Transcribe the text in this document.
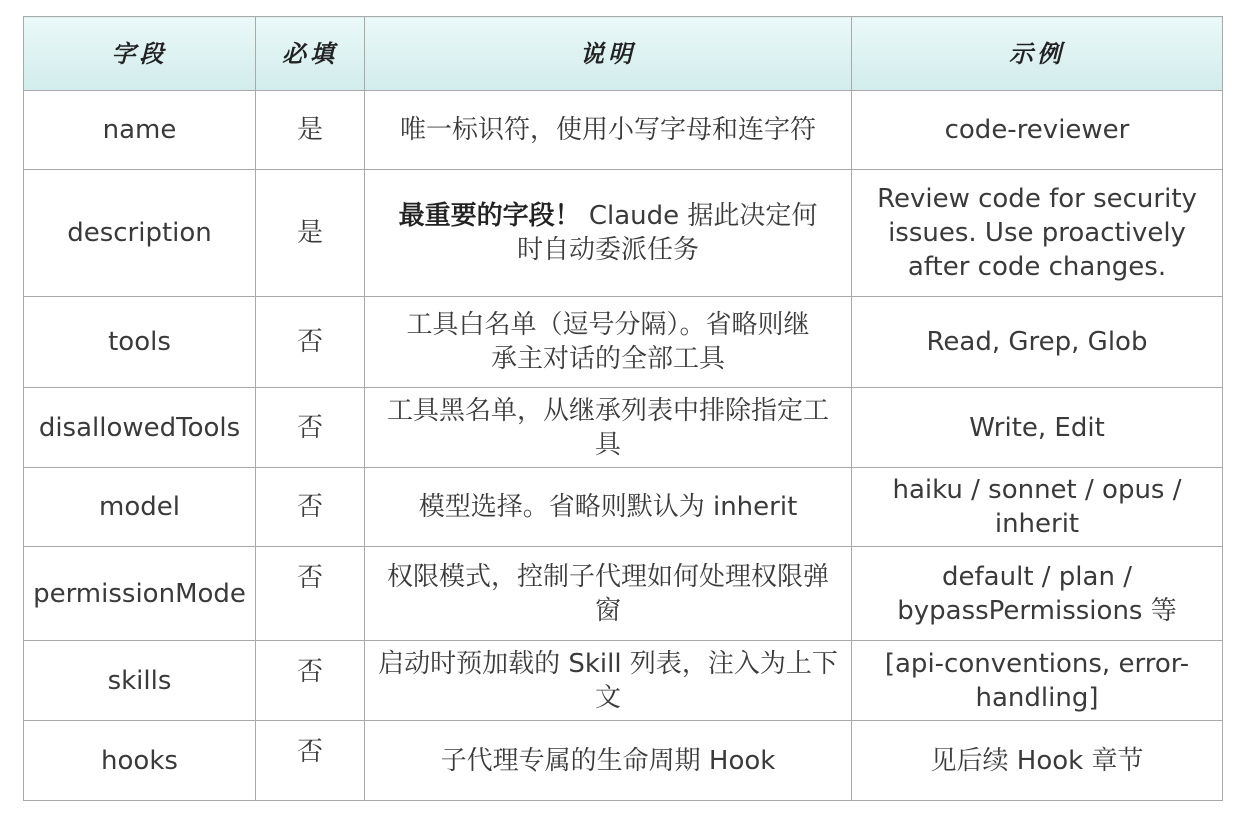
字段	必填	说明	示例
name	是	唯一标识符，使用小写字母和连字符	code-reviewer
description	是	最重要的字段！ Claude 据此决定何时自动委派任务	Review code for security issues. Use proactively after code changes.
tools	否	工具白名单（逗号分隔）。省略则继承主对话的全部工具	Read, Grep, Glob
disallowedTools	否	工具黑名单，从继承列表中排除指定工具	Write, Edit
model	否	模型选择。省略则默认为 inherit	haiku / sonnet / opus / inherit
permissionMode	否	权限模式，控制子代理如何处理权限弹窗	default / plan / bypassPermissions 等
skills	否	启动时预加载的 Skill 列表，注入为上下文	[api-conventions, error-handling]
hooks	否	子代理专属的生命周期 Hook	见后续 Hook 章节
